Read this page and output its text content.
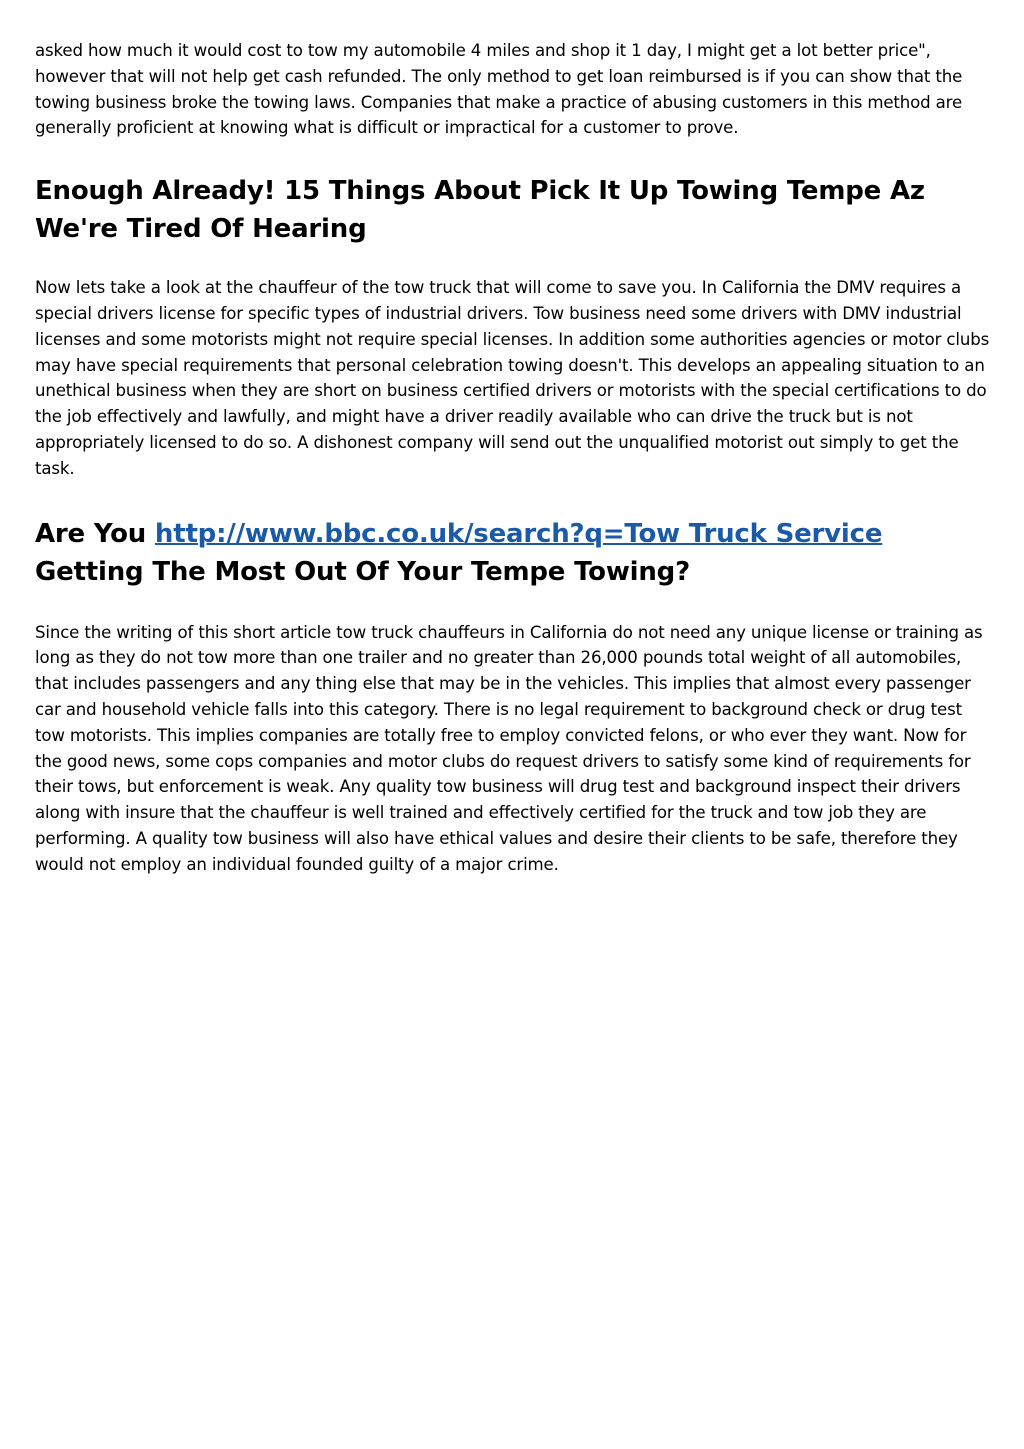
asked how much it would cost to tow my automobile 4 miles and shop it 1 day, I might get a lot better price", however that will not help get cash refunded. The only method to get loan reimbursed is if you can show that the towing business broke the towing laws. Companies that make a practice of abusing customers in this method are generally proficient at knowing what is difficult or impractical for a customer to prove.

Enough Already! 15 Things About Pick It Up Towing Tempe Az We're Tired Of Hearing

Now lets take a look at the chauffeur of the tow truck that will come to save you. In California the DMV requires a special drivers license for specific types of industrial drivers. Tow business need some drivers with DMV industrial licenses and some motorists might not require special licenses. In addition some authorities agencies or motor clubs may have special requirements that personal celebration towing doesn't. This develops an appealing situation to an unethical business when they are short on business certified drivers or motorists with the special certifications to do the job effectively and lawfully, and might have a driver readily available who can drive the truck but is not appropriately licensed to do so. A dishonest company will send out the unqualified motorist out simply to get the task.

Are You http://www.bbc.co.uk/search?q=Tow Truck Service Getting The Most Out Of Your Tempe Towing?

Since the writing of this short article tow truck chauffeurs in California do not need any unique license or training as long as they do not tow more than one trailer and no greater than 26,000 pounds total weight of all automobiles, that includes passengers and any thing else that may be in the vehicles. This implies that almost every passenger car and household vehicle falls into this category. There is no legal requirement to background check or drug test tow motorists. This implies companies are totally free to employ convicted felons, or who ever they want. Now for the good news, some cops companies and motor clubs do request drivers to satisfy some kind of requirements for their tows, but enforcement is weak. Any quality tow business will drug test and background inspect their drivers along with insure that the chauffeur is well trained and effectively certified for the truck and tow job they are performing. A quality tow business will also have ethical values and desire their clients to be safe, therefore they would not employ an individual founded guilty of a major crime.
